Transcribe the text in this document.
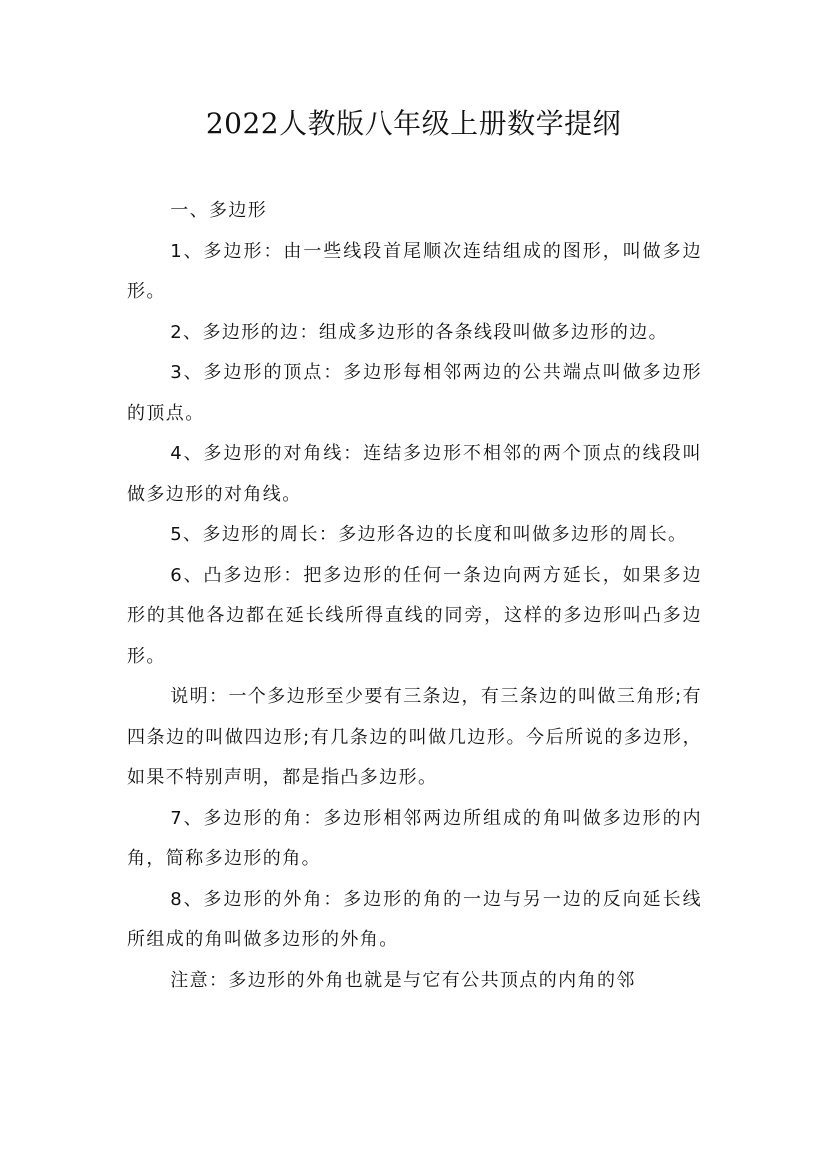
2022人教版八年级上册数学提纲

一、多边形

1、多边形：由一些线段首尾顺次连结组成的图形，叫做多边形。

2、多边形的边：组成多边形的各条线段叫做多边形的边。

3、多边形的顶点：多边形每相邻两边的公共端点叫做多边形的顶点。

4、多边形的对角线：连结多边形不相邻的两个顶点的线段叫做多边形的对角线。

5、多边形的周长：多边形各边的长度和叫做多边形的周长。

6、凸多边形：把多边形的任何一条边向两方延长，如果多边形的其他各边都在延长线所得直线的同旁，这样的多边形叫凸多边形。

说明：一个多边形至少要有三条边，有三条边的叫做三角形;有四条边的叫做四边形;有几条边的叫做几边形。今后所说的多边形，如果不特别声明，都是指凸多边形。

7、多边形的角：多边形相邻两边所组成的角叫做多边形的内角，简称多边形的角。

8、多边形的外角：多边形的角的一边与另一边的反向延长线所组成的角叫做多边形的外角。

注意：多边形的外角也就是与它有公共顶点的内角的邻
